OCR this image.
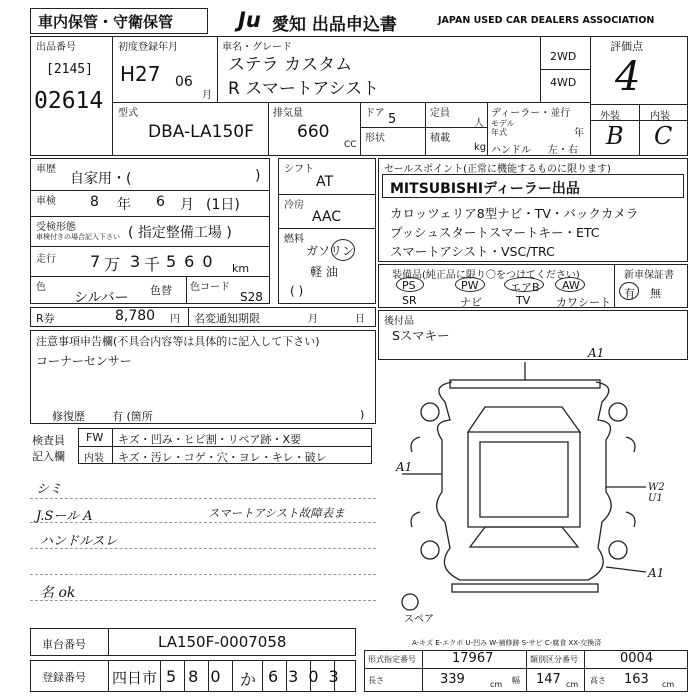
車内保管・守衛保管	Ju 愛知 出品申込書	JAPAN USED CAR DEALERS ASSOCIATION
出品番号
[2145]
02614
初度登録年月
H27 06
月
車名・グレード
ステラ カスタム
R スマートアシスト
2WD
4WD
評価点
4
外装	内装
B C
型式
DBA-LA150F
排気量
660
CC
ドア 5
形状
定員
人
積載
kg
ディーラー・並行
モデル年式	年
ハンドル 左・右
車歴
自家用・(	)
車検 8 年 6 月 (1日)
受検形態
車検付きの場合記入下さい ( 指定整備工場 )
走行 7 万 3 千 560 km
色
シルバー 色替 色コード
S28
シフト
AT
冷房
AAC
燃料
ガソリン
軽 油
( )
R券	8,780 円 名変通知期限	月	日
セールスポイント(正常に機能するものに限ります)
MITSUBISHIディーラー出品
カロッツェリア8型ナビ・TV・バックカメラ
プッシュスタートスマートキー・ETC
スマートアシスト・VSC/TRC
装備品(純正品に限り〇をつけてください)
PS	PW	エアB AW
SR	ナビ	TV カワシート
新車保証書
有 無
後付品
Sスマキー
注意事項申告欄(不具合内容等は具体的に記入して下さい)
コーナーセンサー
修復歴 有 (箇所	)
検査員記入欄
FW キズ・凹み・ヒビ割・リペア跡・X要
内装 キズ・汚レ・コゲ・穴・ヨレ・キレ・破レ
シミ
J.Sール A	スマートアシスト故障表ま
ハンドルスレ
名 ok
A1
A1
W2 U1
A1
スペア
A-キズ E-エクボ U-凹み W-補修跡 S-サビ C-腐食 XX-交換済
車台番号	LA150F-0007058
登録番号 四日市 580 か 6303
形式指定番号	17967	類別区分番号	0004
長さ	339	cm 幅 147 cm 高さ 163 cm
